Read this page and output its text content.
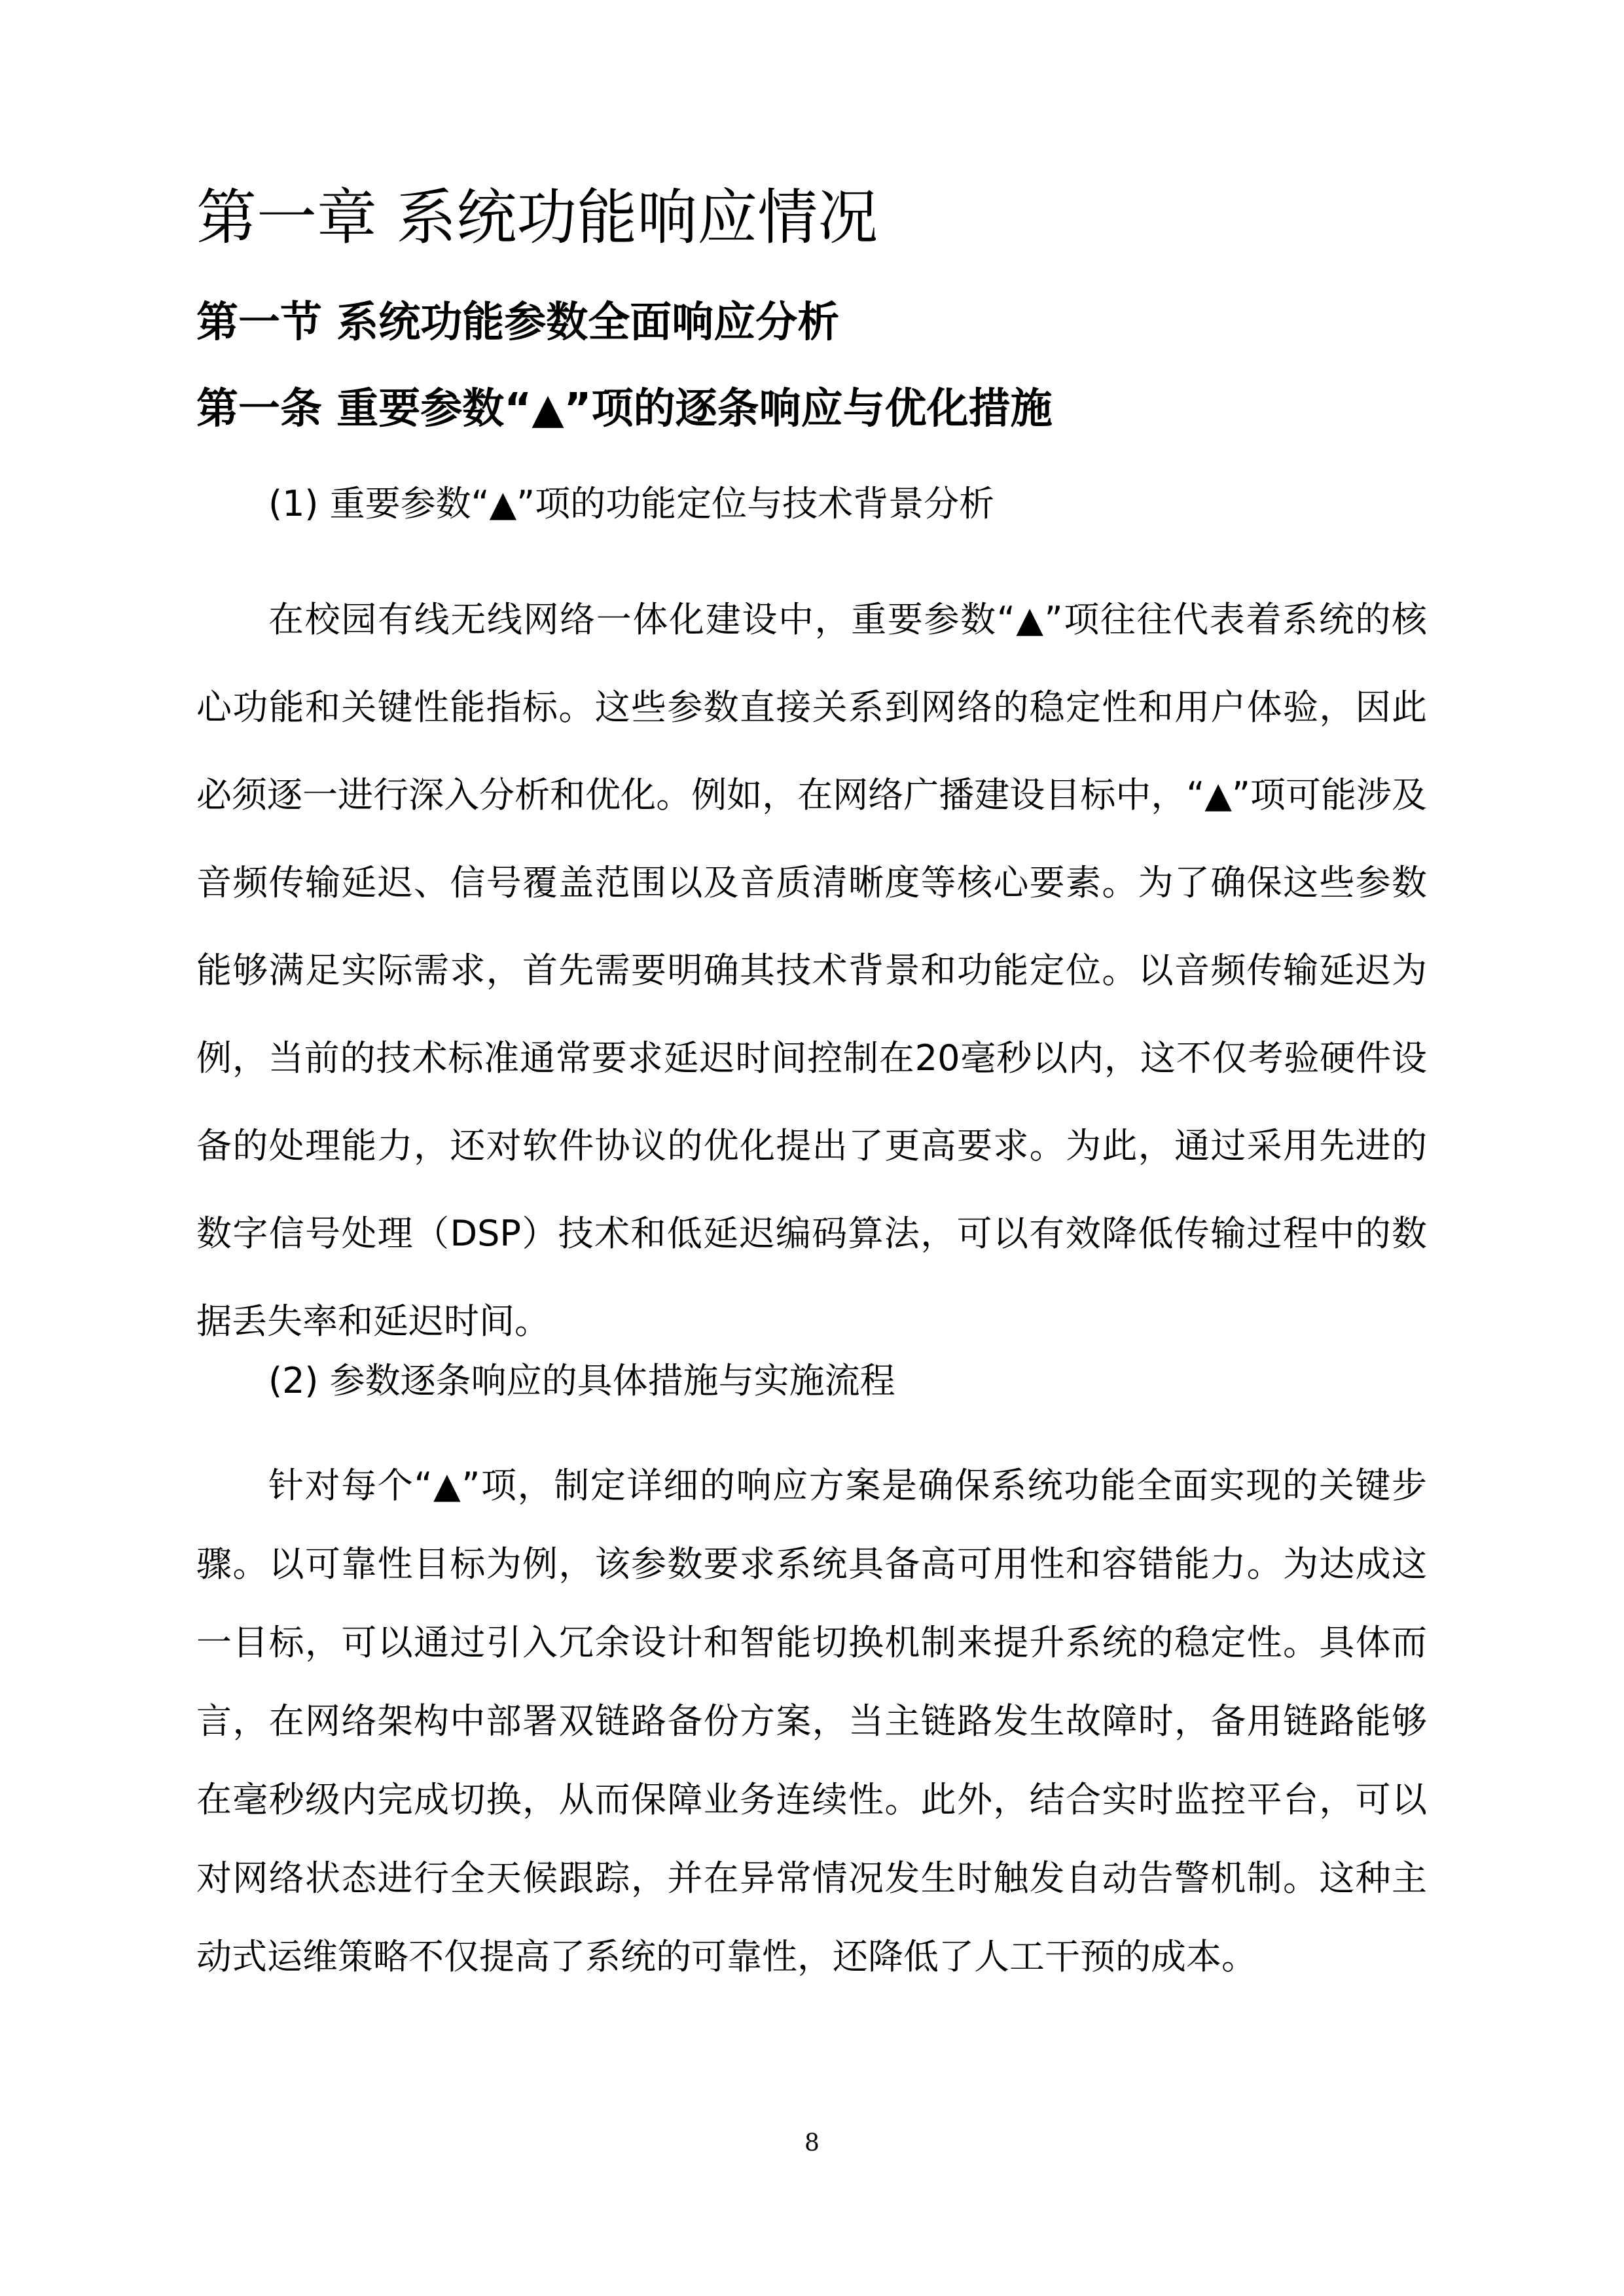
第一章 系统功能响应情况
第一节 系统功能参数全面响应分析
第一条 重要参数“▲”项的逐条响应与优化措施

(1) 重要参数“▲”项的功能定位与技术背景分析

在校园有线无线网络一体化建设中，重要参数“▲”项往往代表着系统的核心功能和关键性能指标。这些参数直接关系到网络的稳定性和用户体验，因此必须逐一进行深入分析和优化。例如，在网络广播建设目标中，“▲”项可能涉及音频传输延迟、信号覆盖范围以及音质清晰度等核心要素。为了确保这些参数能够满足实际需求，首先需要明确其技术背景和功能定位。以音频传输延迟为例，当前的技术标准通常要求延迟时间控制在20毫秒以内，这不仅考验硬件设备的处理能力，还对软件协议的优化提出了更高要求。为此，通过采用先进的数字信号处理（DSP）技术和低延迟编码算法，可以有效降低传输过程中的数据丢失率和延迟时间。

(2) 参数逐条响应的具体措施与实施流程

针对每个“▲”项，制定详细的响应方案是确保系统功能全面实现的关键步骤。以可靠性目标为例，该参数要求系统具备高可用性和容错能力。为达成这一目标，可以通过引入冗余设计和智能切换机制来提升系统的稳定性。具体而言，在网络架构中部署双链路备份方案，当主链路发生故障时，备用链路能够在毫秒级内完成切换，从而保障业务连续性。此外，结合实时监控平台，可以对网络状态进行全天候跟踪，并在异常情况发生时触发自动告警机制。这种主动式运维策略不仅提高了系统的可靠性，还降低了人工干预的成本。

8
